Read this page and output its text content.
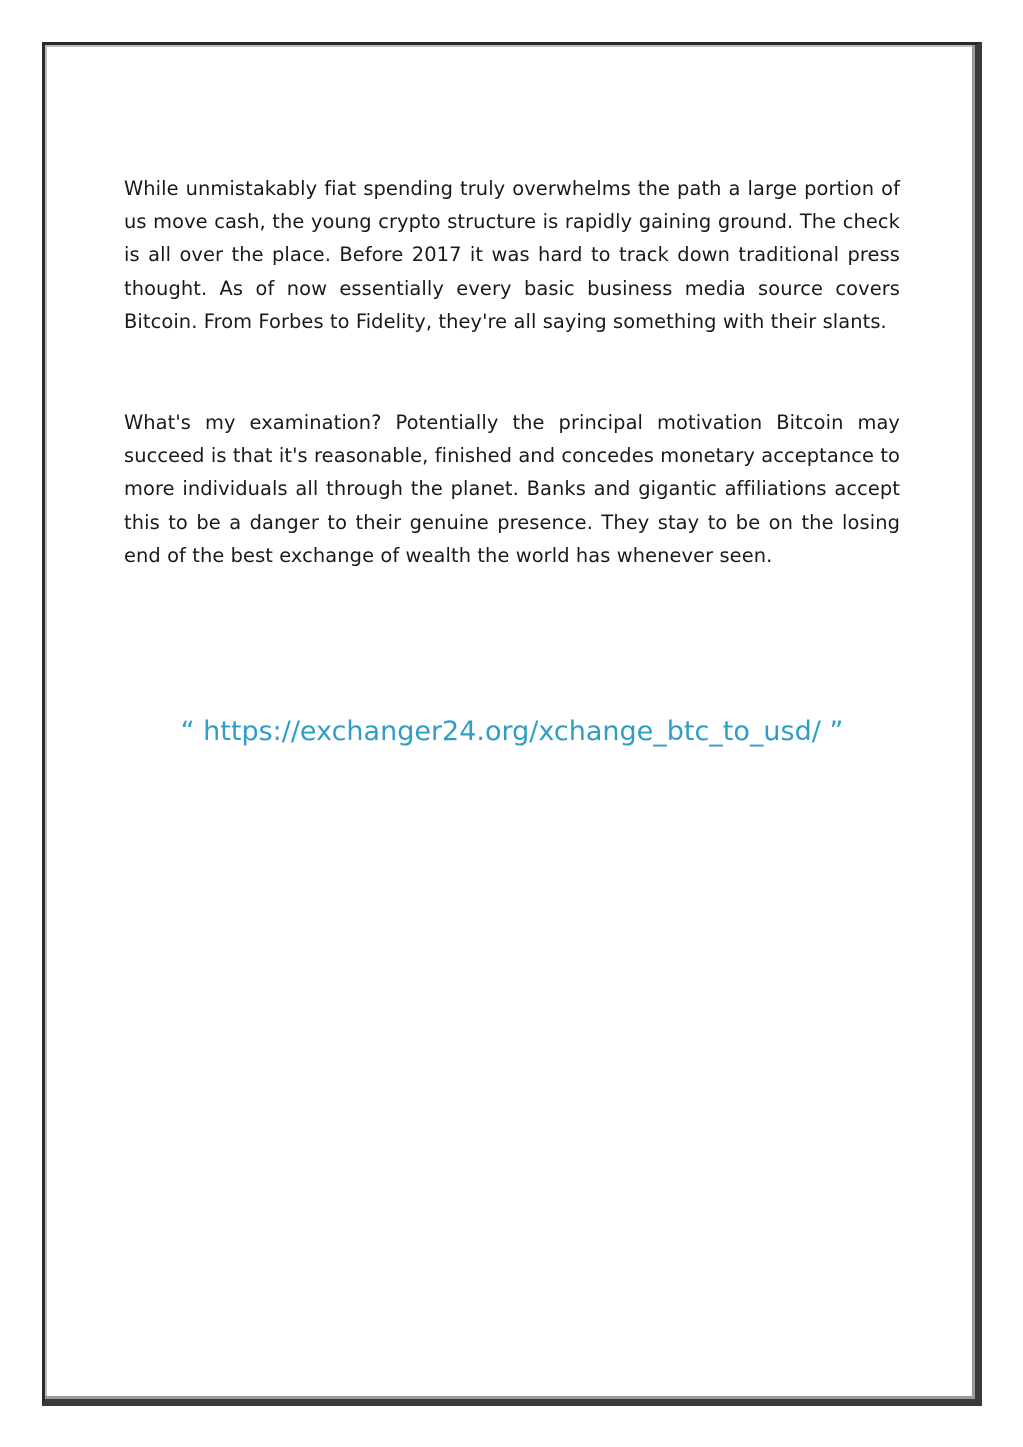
While unmistakably fiat spending truly overwhelms the path a large portion of us move cash, the young crypto structure is rapidly gaining ground. The check is all over the place. Before 2017 it was hard to track down traditional press thought. As of now essentially every basic business media source covers Bitcoin. From Forbes to Fidelity, they're all saying something with their slants.

What's my examination? Potentially the principal motivation Bitcoin may succeed is that it's reasonable, finished and concedes monetary acceptance to more individuals all through the planet. Banks and gigantic affiliations accept this to be a danger to their genuine presence. They stay to be on the losing end of the best exchange of wealth the world has whenever seen.

“ https://exchanger24.org/xchange_btc_to_usd/ ”
